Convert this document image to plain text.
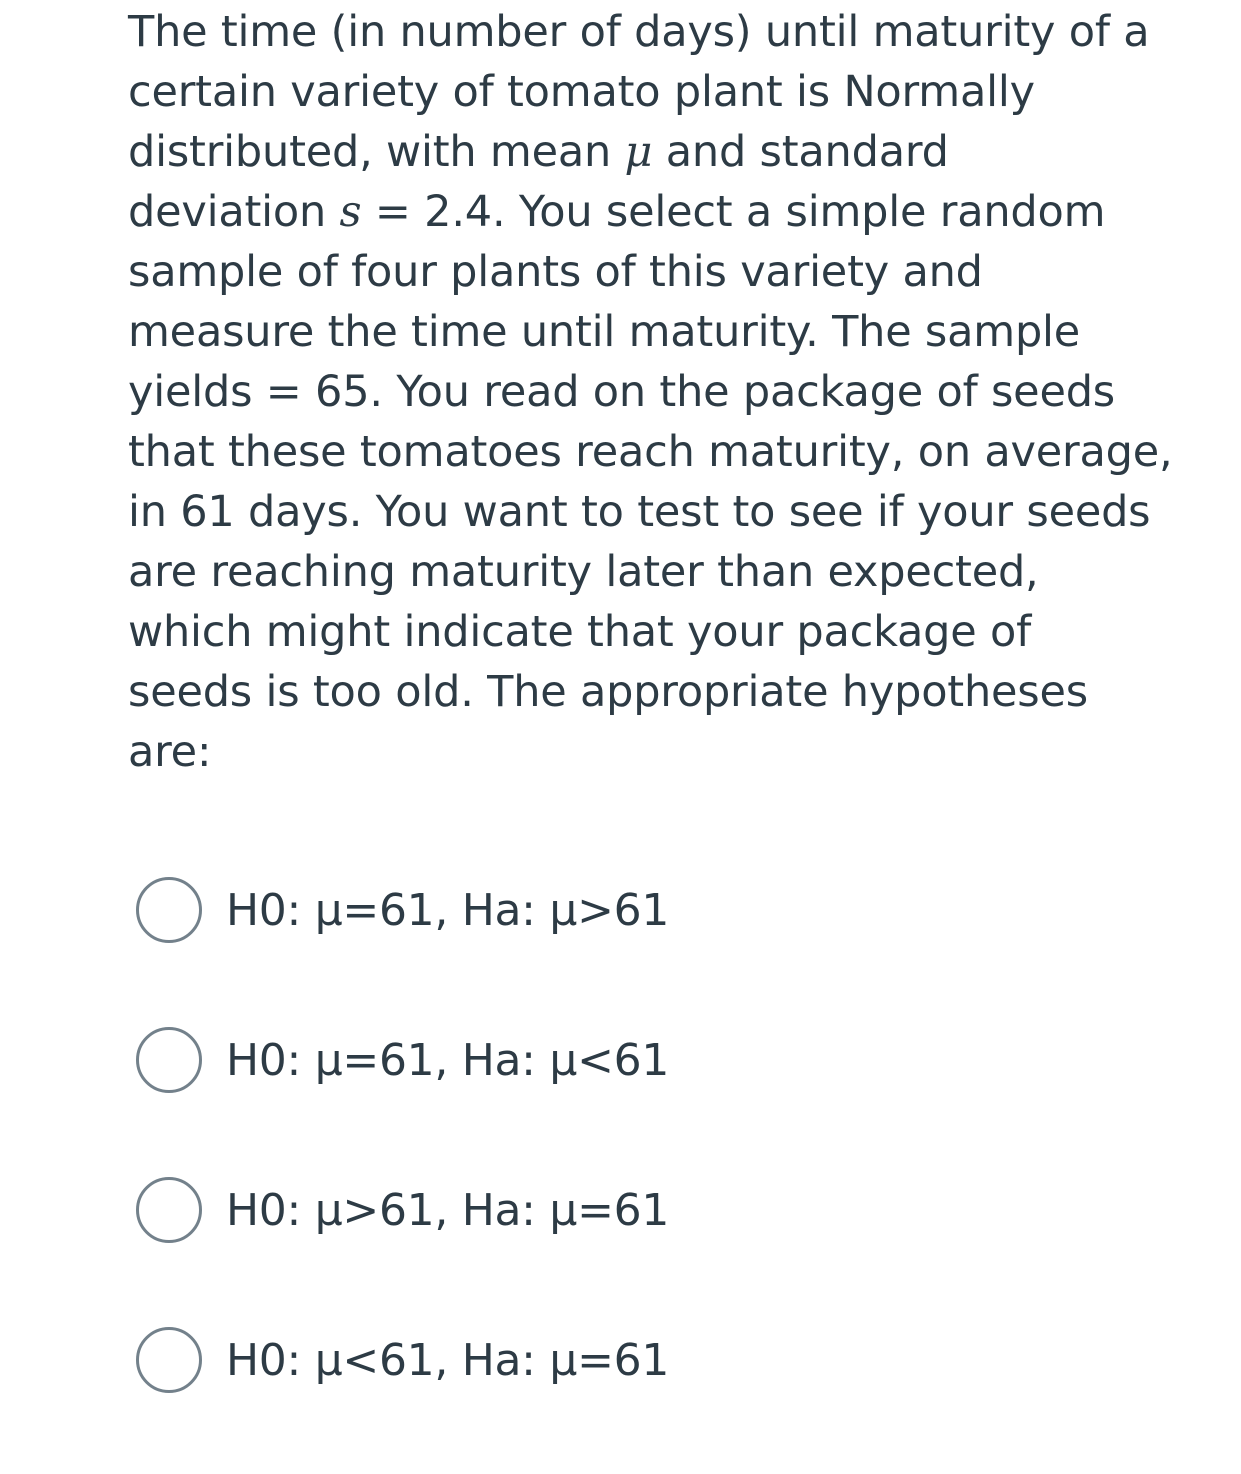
The time (in number of days) until maturity of a
certain variety of tomato plant is Normally
distributed, with mean μ and standard
deviation s = 2.4. You select a simple random
sample of four plants of this variety and
measure the time until maturity. The sample
yields = 65. You read on the package of seeds
that these tomatoes reach maturity, on average,
in 61 days. You want to test to see if your seeds
are reaching maturity later than expected,
which might indicate that your package of
seeds is too old. The appropriate hypotheses
are:
H0: μ=61, Ha: μ>61
H0: μ=61, Ha: μ<61
H0: μ>61, Ha: μ=61
H0: μ<61, Ha: μ=61
